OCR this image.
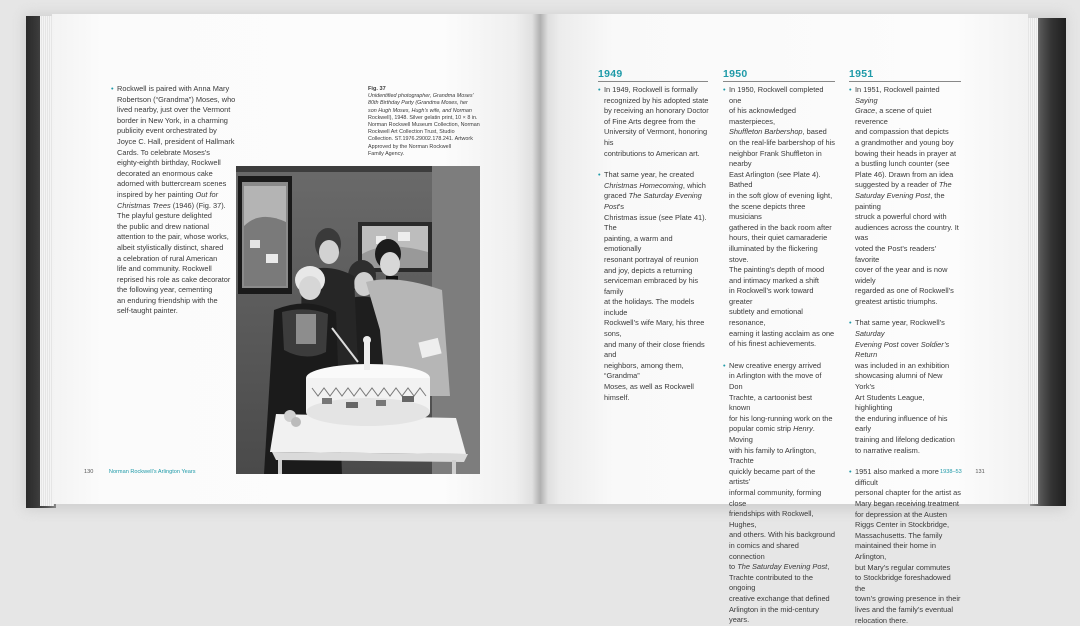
• Rockwell is paired with Anna Mary
Robertson (“Grandma”) Moses, who
lived nearby, just over the Vermont
border in New York, in a charming
publicity event orchestrated by
Joyce C. Hall, president of Hallmark
Cards. To celebrate Moses’s
eighty-eighth birthday, Rockwell
decorated an enormous cake
adorned with buttercream scenes
inspired by her painting Out for
Christmas Trees (1946) (Fig. 37).
The playful gesture delighted
the public and drew national
attention to the pair, whose works,
albeit stylistically distinct, shared
a celebration of rural American
life and community. Rockwell
reprised his role as cake decorator
the following year, cementing
an enduring friendship with the
self-taught painter.
Fig. 37
Unidentified photographer, Grandma Moses’
80th Birthday Party (Grandma Moses, her
son Hugh Moses, Hugh’s wife, and Norman
Rockwell), 1948. Silver gelatin print, 10 × 8 in.
Norman Rockwell Museum Collection, Norman
Rockwell Art Collection Trust, Studio
Collection. ST.1976.29002.178.241. Artwork
Approved by the Norman Rockwell
Family Agency.
130	Norman Rockwell’s Arlington Years
1949	1950	1951
• In 1949, Rockwell is formally
recognized by his adopted state
by receiving an honorary Doctor
of Fine Arts degree from the
University of Vermont, honoring his
contributions to American art.
• That same year, he created
Christmas Homecoming, which
graced The Saturday Evening Post’s
Christmas issue (see Plate 41). The
painting, a warm and emotionally
resonant portrayal of reunion
and joy, depicts a returning
serviceman embraced by his family
at the holidays. The models include
Rockwell’s wife Mary, his three sons,
and many of their close friends and
neighbors, among them, “Grandma”
Moses, as well as Rockwell himself.
• In 1950, Rockwell completed one
of his acknowledged masterpieces,
Shuffleton Barbershop, based
on the real-life barbershop of his
neighbor Frank Shuffleton in nearby
East Arlington (see Plate 4). Bathed
in the soft glow of evening light,
the scene depicts three musicians
gathered in the back room after
hours, their quiet camaraderie
illuminated by the flickering stove.
The painting’s depth of mood
and intimacy marked a shift
in Rockwell’s work toward greater
subtlety and emotional resonance,
earning it lasting acclaim as one
of his finest achievements.
• New creative energy arrived
in Arlington with the move of Don
Trachte, a cartoonist best known
for his long-running work on the
popular comic strip Henry. Moving
with his family to Arlington, Trachte
quickly became part of the artists’
informal community, forming close
friendships with Rockwell, Hughes,
and others. With his background
in comics and shared connection
to The Saturday Evening Post,
Trachte contributed to the ongoing
creative exchange that defined
Arlington in the mid-century years.
• In 1951, Rockwell painted Saying
Grace, a scene of quiet reverence
and compassion that depicts
a grandmother and young boy
bowing their heads in prayer at
a bustling lunch counter (see
Plate 46). Drawn from an idea
suggested by a reader of The
Saturday Evening Post, the painting
struck a powerful chord with
audiences across the country. It was
voted the Post’s readers’ favorite
cover of the year and is now widely
regarded as one of Rockwell’s
greatest artistic triumphs.
• That same year, Rockwell’s Saturday
Evening Post cover Soldier’s Return
was included in an exhibition
showcasing alumni of New York’s
Art Students League, highlighting
the enduring influence of his early
training and lifelong dedication
to narrative realism.
• 1951 also marked a more difficult
personal chapter for the artist as
Mary began receiving treatment
for depression at the Austen
Riggs Center in Stockbridge,
Massachusetts. The family
maintained their home in Arlington,
but Mary’s regular commutes
to Stockbridge foreshadowed the
town’s growing presence in their
lives and the family’s eventual
relocation there.
1938–53 131
